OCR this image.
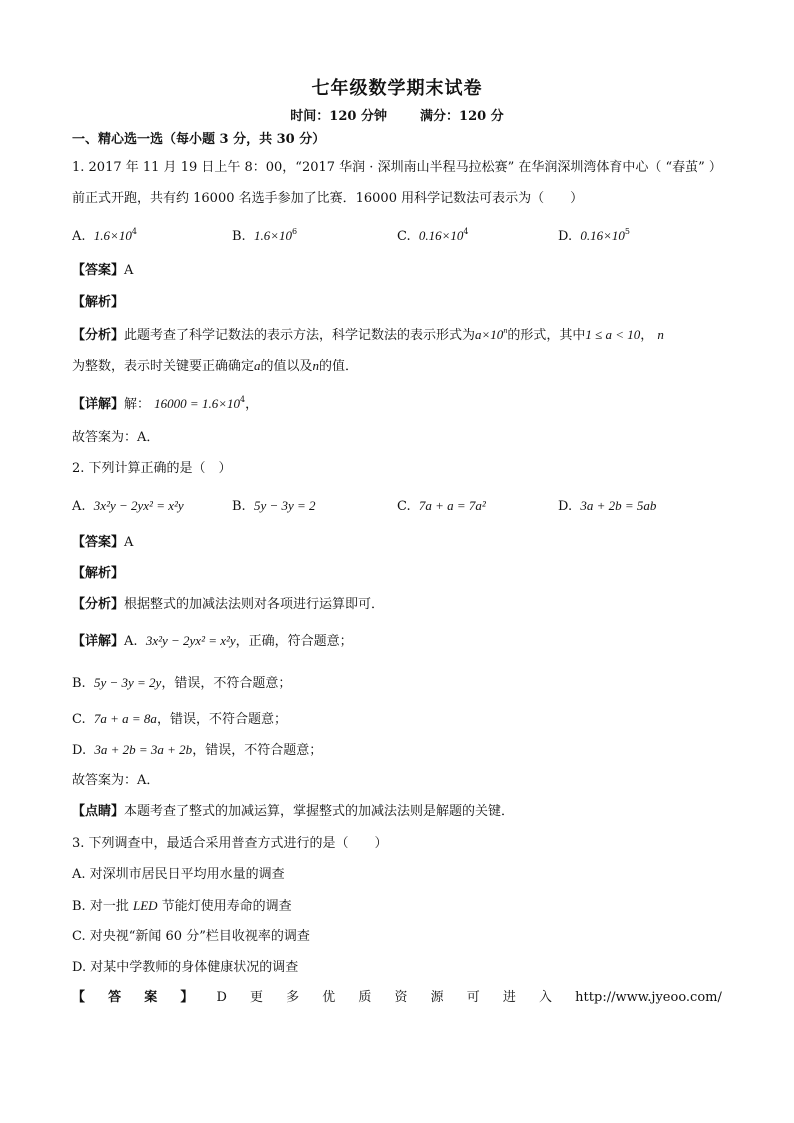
七年级数学期末试卷
时间：120 分钟	满分：120 分
一、精心选一选（每小题 3 分，共 30 分）
1. 2017 年 11 月 19 日上午 8：00，“2017 华润 · 深圳南山半程马拉松赛” 在华润深圳湾体育中心（ “春茧” ）
前正式开跑，共有约 16000 名选手参加了比赛．16000 用科学记数法可表示为（　　）
A. $1.6\times 10^4$	B. $1.6\times 10^6$	C. $0.16\times 10^4$	D. $0.16\times 10^5$
【答案】A
【解析】
【分析】此题考查了科学记数法的表示方法，科学记数法的表示形式为$a\times 10^n$的形式，其中1 ≤ a < 10， n
为整数，表示时关键要正确确定a的值以及n的值．
【详解】解： $16000 = 1.6\times 10^4$，
故答案为：A．
2. 下列计算正确的是（　）
A. 3x²y − 2yx² = x²y	B. 5y − 3y = 2	C. 7a + a = 7a²	D. 3a + 2b = 5ab
【答案】A
【解析】
【分析】根据整式的加减法法则对各项进行运算即可．
【详解】A. 3x²y − 2yx² = x²y，正确，符合题意；
B. 5y − 3y = 2y，错误，不符合题意；
C. 7a + a = 8a，错误，不符合题意；
D. 3a + 2b = 3a + 2b，错误，不符合题意；
故答案为：A．
【点睛】本题考查了整式的加减运算，掌握整式的加减法法则是解题的关键．
3. 下列调查中，最适合采用普查方式进行的是（　　）
A. 对深圳市居民日平均用水量的调查
B. 对一批 LED 节能灯使用寿命的调查
C. 对央视“新闻 60 分”栏目收视率的调查
D. 对某中学教师的身体健康状况的调查
【 答 案 】 D 更 多 优 质 资 源 可 进 入 http://www.jyeoo.com/
